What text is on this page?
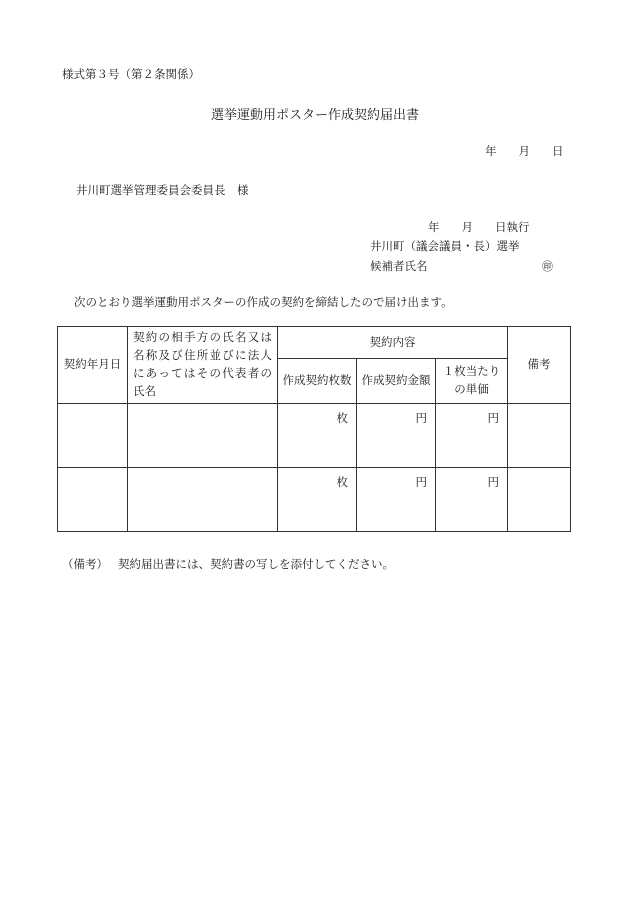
様式第３号（第２条関係）
選挙運動用ポスター作成契約届出書
年 月 日
井川町選挙管理委員会委員長　様
年 月 日執行
井川町（議会議員・長）選挙
候補者氏名	㊞
次のとおり選挙運動用ポスターの作成の契約を締結したので届け出ます。
契約年月日	契約の相手方の氏名又は
名称及び住所並びに法人
にあってはその代表者の
氏名	契約内容			備考
		作成契約枚数	作成契約金額	１枚当たり
の単価	

		枚	円	円	
		枚	円	円	
（備考） 契約届出書には、契約書の写しを添付してください。
